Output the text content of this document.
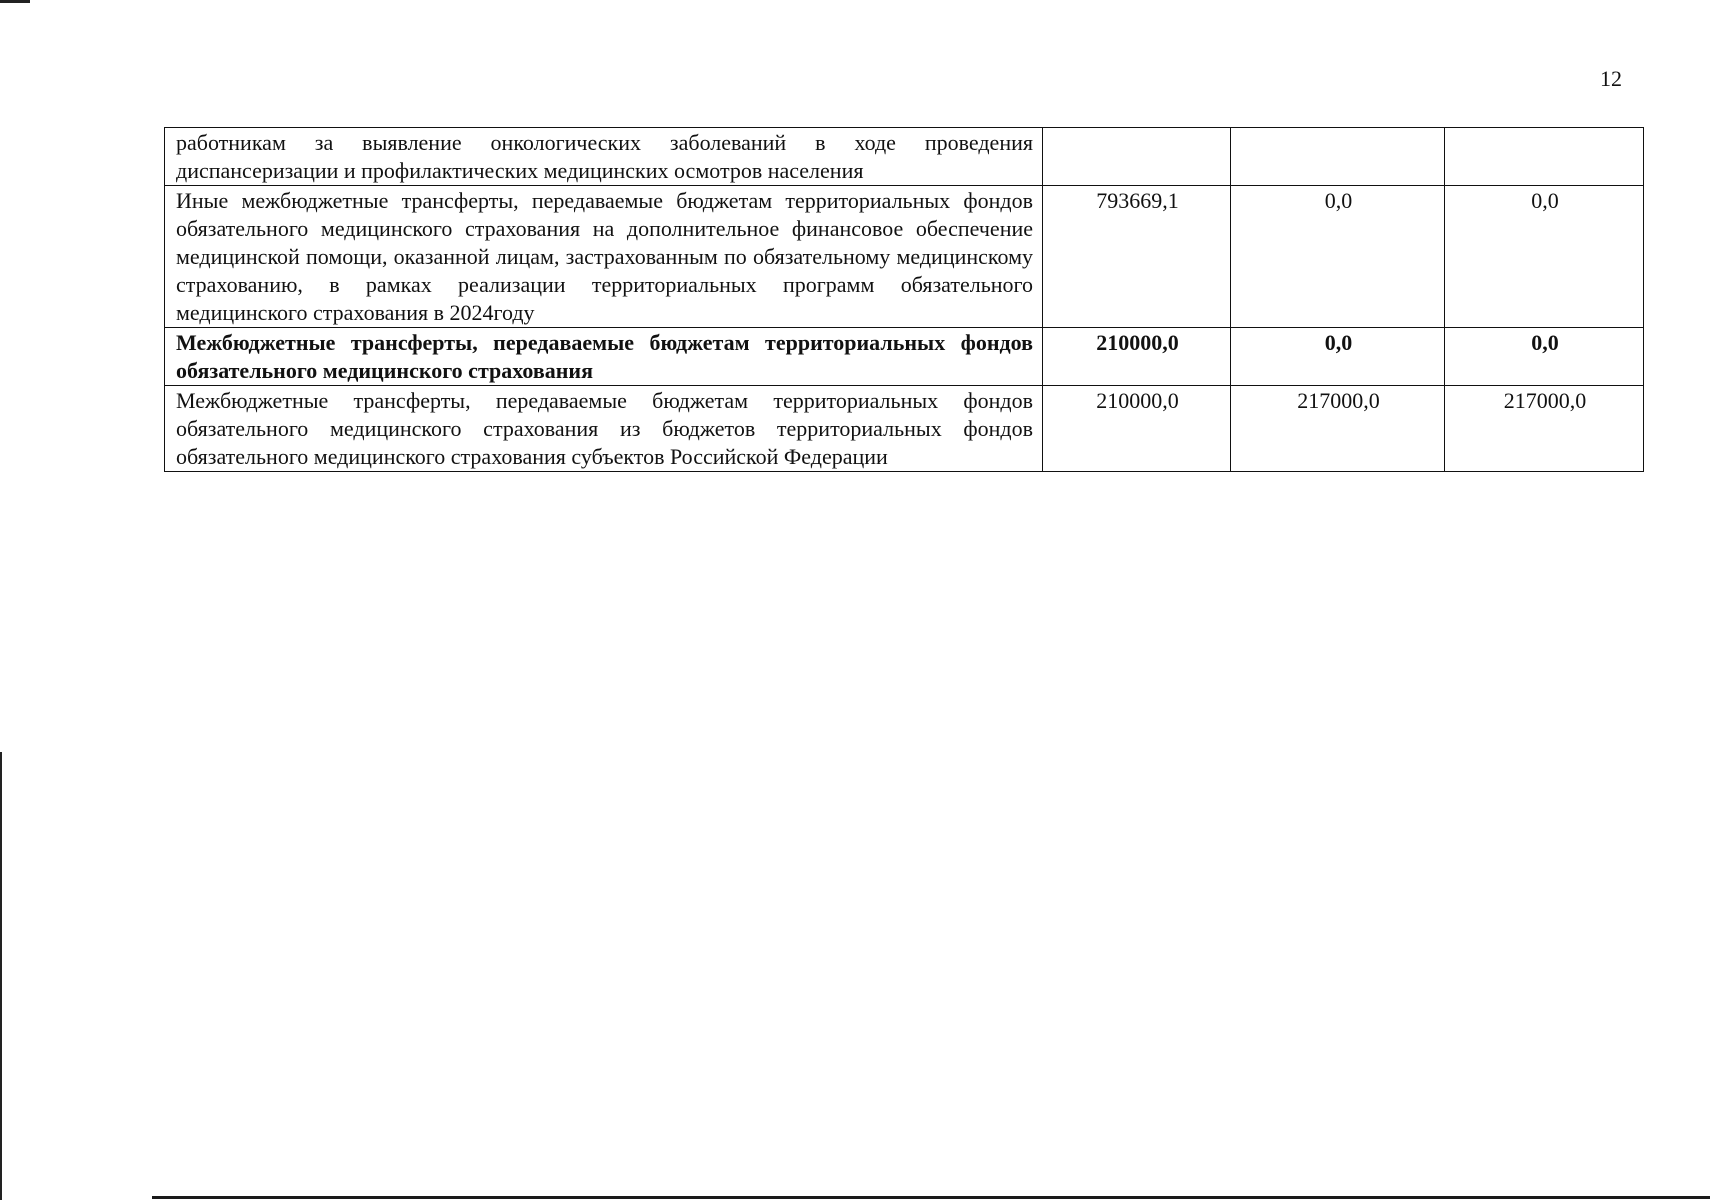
12
работникам за выявление онкологических заболеваний в ходе проведения диспансеризации и профилактических медицинских осмотров населения			
Иные межбюджетные трансферты, передаваемые бюджетам территориальных фондов обязательного медицинского страхования на дополнительное финансовое обеспечение медицинской помощи, оказанной лицам, застрахованным по обязательному медицинскому страхованию, в рамках реализации территориальных программ обязательного медицинского страхования в 2024году	793669,1	0,0	0,0
Межбюджетные трансферты, передаваемые бюджетам территориальных фондов обязательного медицинского страхования	210000,0	0,0	0,0
Межбюджетные трансферты, передаваемые бюджетам территориальных фондов обязательного медицинского страхования из бюджетов территориальных фондов обязательного медицинского страхования субъектов Российской Федерации	210000,0	217000,0	217000,0
